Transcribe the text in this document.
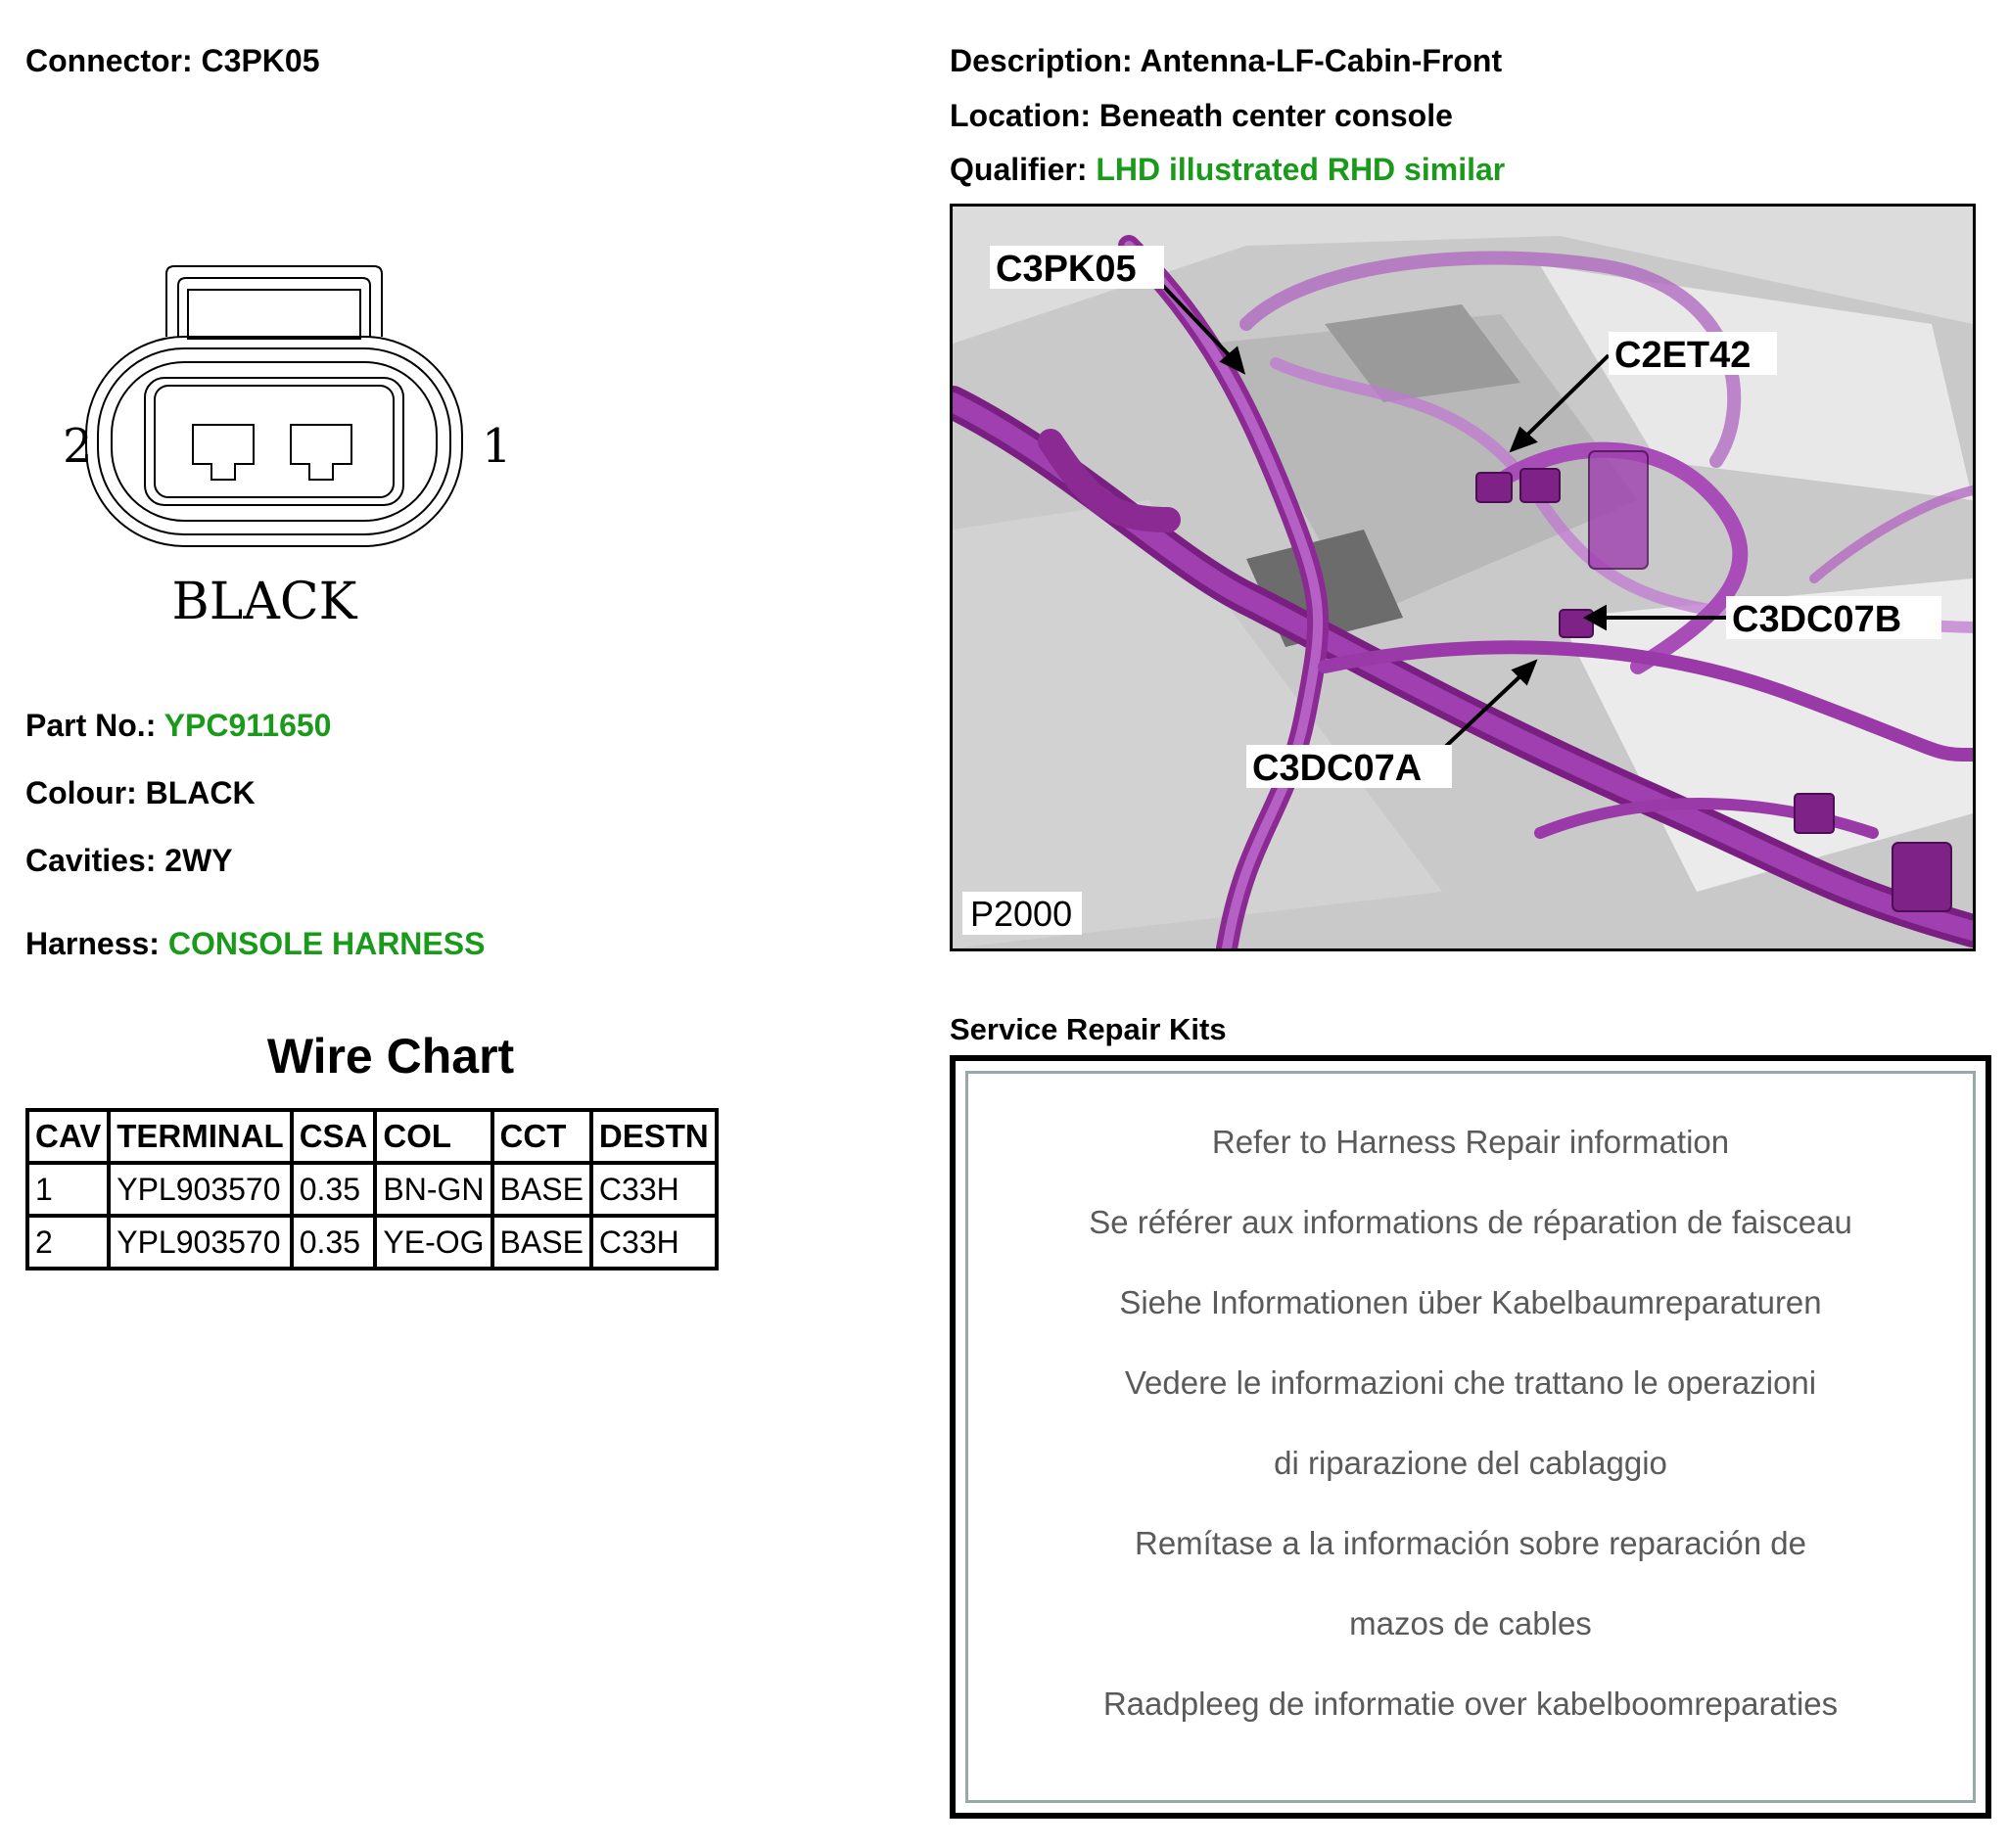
Connector: C3PK05	Description: Antenna-LF-Cabin-Front
Location: Beneath center console
Qualifier: LHD illustrated RHD similar
2	1
BLACK
Part No.: YPC911650
Colour: BLACK
Cavities: 2WY
Harness: CONSOLE HARNESS
Wire Chart
CAV	TERMINAL	CSA	COL	CCT	DESTN
1	YPL903570	0.35	BN-GN	BASE	C33H
2	YPL903570	0.35	YE-OG	BASE	C33H
C3PK05
C2ET42
C3DC07B
C3DC07A
P2000
Service Repair Kits
Refer to Harness Repair information
Se référer aux informations de réparation de faisceau
Siehe Informationen über Kabelbaumreparaturen
Vedere le informazioni che trattano le operazioni
di riparazione del cablaggio
Remítase a la información sobre reparación de
mazos de cables
Raadpleeg de informatie over kabelboomreparaties
